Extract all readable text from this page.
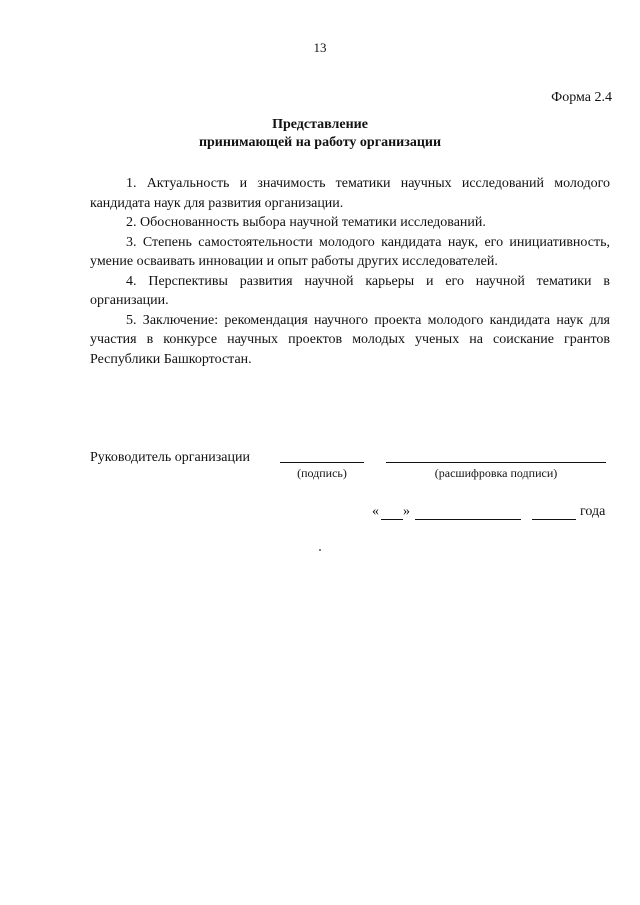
13
Форма 2.4
Представление
принимающей на работу организации

1. Актуальность и значимость тематики научных исследований молодого кандидата наук для развития организации.

2. Обоснованность выбора научной тематики исследований.

3. Степень самостоятельности молодого кандидата наук, его инициативность, умение осваивать инновации и опыт работы других исследователей.

4. Перспективы развития научной карьеры и его научной тематики в организации.

5. Заключение: рекомендация научного проекта молодого кандидата наук для участия в конкурсе научных проектов молодых ученых на соискание грантов Республики Башкортостан.

Руководитель организации
(подпись)	(расшифровка подписи)
« »	года
